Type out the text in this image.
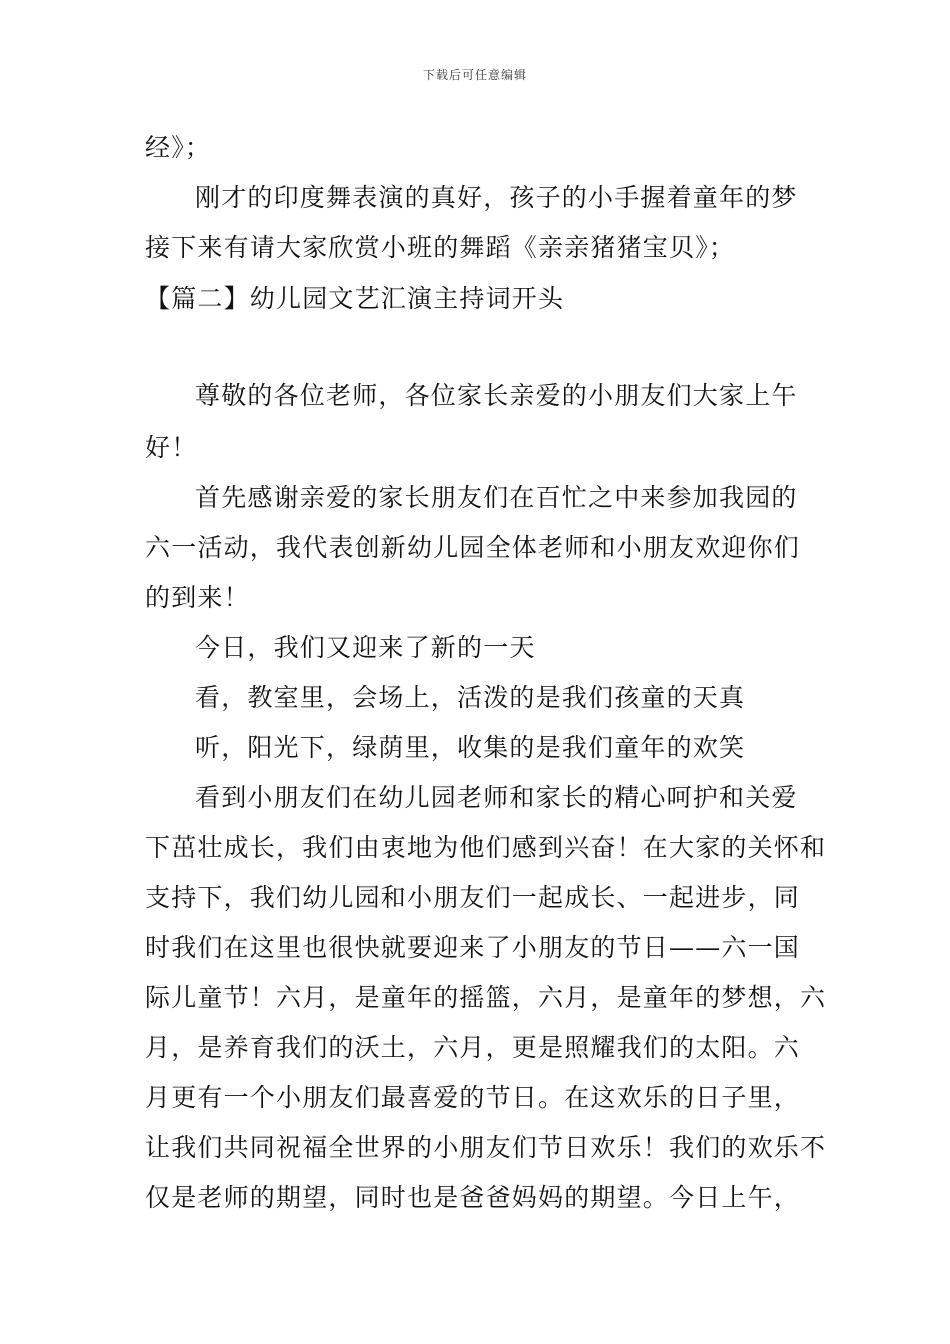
下载后可任意编辑
经》；
刚才的印度舞表演的真好，孩子的小手握着童年的梦
接下来有请大家欣赏小班的舞蹈《亲亲猪猪宝贝》；
【篇二】幼儿园文艺汇演主持词开头
尊敬的各位老师，各位家长亲爱的小朋友们大家上午
好！
首先感谢亲爱的家长朋友们在百忙之中来参加我园的
六一活动，我代表创新幼儿园全体老师和小朋友欢迎你们
的到来！
今日，我们又迎来了新的一天
看，教室里，会场上，活泼的是我们孩童的天真
听，阳光下，绿荫里，收集的是我们童年的欢笑
看到小朋友们在幼儿园老师和家长的精心呵护和关爱
下茁壮成长，我们由衷地为他们感到兴奋！在大家的关怀和
支持下，我们幼儿园和小朋友们一起成长、一起进步，同
时我们在这里也很快就要迎来了小朋友的节日——六一国
际儿童节！六月，是童年的摇篮，六月，是童年的梦想，六
月，是养育我们的沃土，六月，更是照耀我们的太阳。六
月更有一个小朋友们最喜爱的节日。在这欢乐的日子里，
让我们共同祝福全世界的小朋友们节日欢乐！我们的欢乐不
仅是老师的期望，同时也是爸爸妈妈的期望。今日上午，
